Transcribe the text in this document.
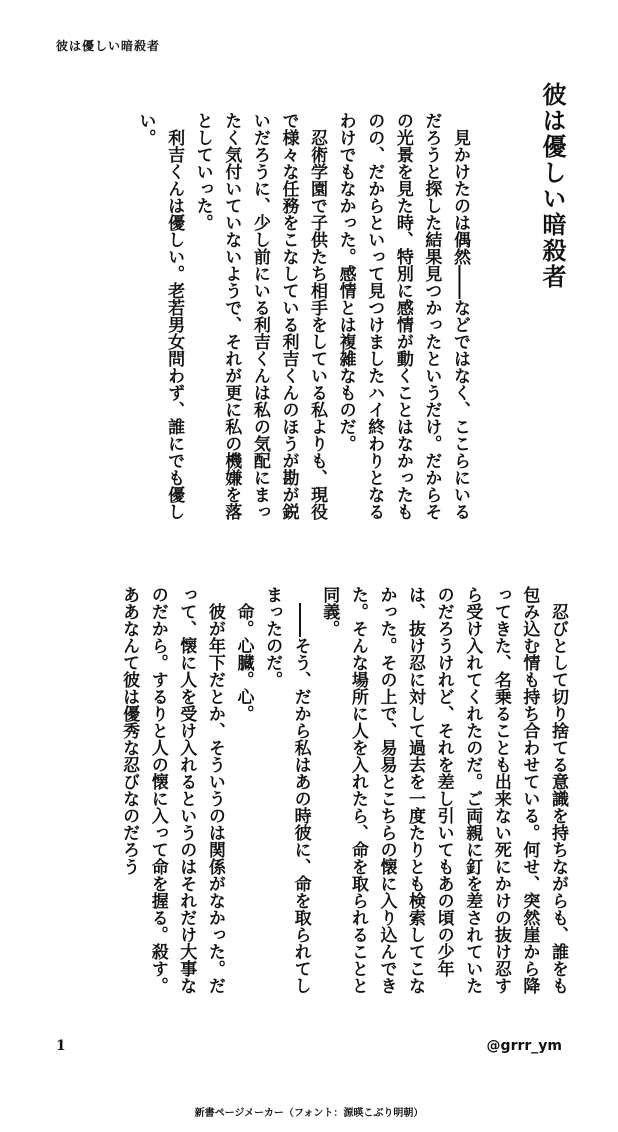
彼は優しい暗殺者
彼は優しい暗殺者

見かけたのは偶然――などではなく、ここらにいるだろうと探した結果見つかったというだけ。だからその光景を見た時、特別に感情が動くことはなかったものの、だからといって見つけましたハイ終わりとなるわけでもなかった。感情とは複雑なものだ。

忍術学園で子供たち相手をしている私よりも、現役で様々な任務をこなしている利吉くんのほうが勘が鋭いだろうに、少し前にいる利吉くんは私の気配にまったく気付いていないようで、それが更に私の機嫌を落としていった。

利吉くんは優しい。老若男女問わず、誰にでも優しい。

忍びとして切り捨てる意識を持ちながらも、誰をも包み込む情も持ち合わせている。何せ、突然崖から降ってきた、名乗ることも出来ない死にかけの抜け忍すら受け入れてくれたのだ。ご両親に釘を差されていたのだろうけれど、それを差し引いてもあの頃の少年は、抜け忍に対して過去を一度たりとも検索してこなかった。その上で、易易とこちらの懐に入り込んできた。そんな場所に人を入れたら、命を取られることと同義。

――そう、だから私はあの時彼に、命を取られてしまったのだ。

命。心臓。心。

彼が年下だとか、そういうのは関係がなかった。だって、懐に人を受け入れるというのはそれだけ大事なのだから。するりと人の懐に入って命を握る。殺す。ああなんて彼は優秀な忍びなのだろう

1	@grrr_ym
新書ページメーカー（フォント：源暎こぶり明朝）
